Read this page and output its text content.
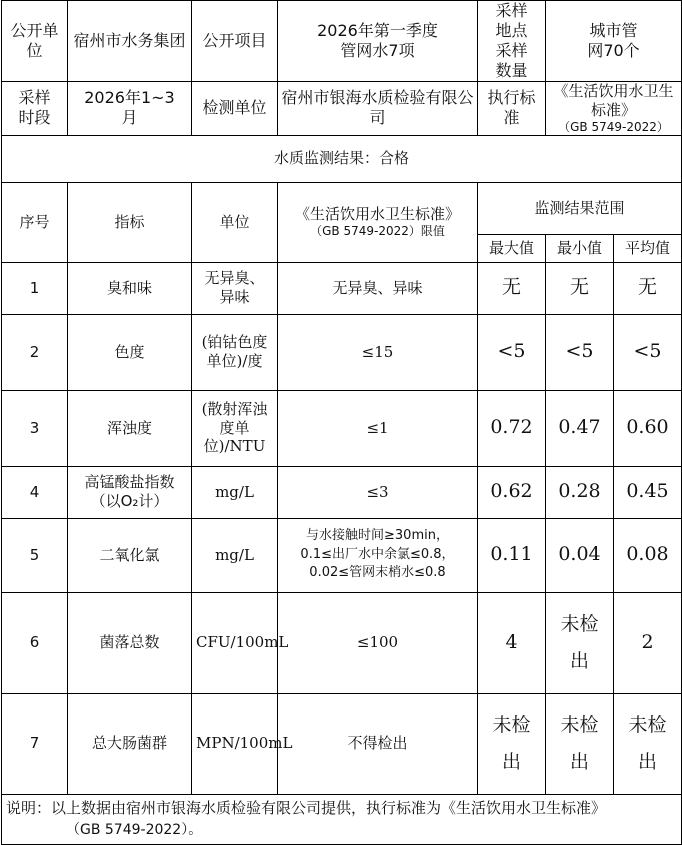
公开单位	宿州市水务集团	公开项目	2026年第一季度管网水7项	采样地点采样数量	城市管网70个	
采样时段	2026年1~3月	检测单位	宿州市银海水质检验有限公司	执行标准	《生活饮用水卫生标准》
（GB 5749-2022）	

水质监测结果：合格						
序号	指标	单位	《生活饮用水卫生标准》
（GB 5749-2022）限值	监测结果范围		
				最大值	最小值	平均值
1	臭和味	无异臭、异味	无异臭、异味	无	无	无
2	色度	(铂钴色度单位)/度	≤15	<5	<5	<5
3	浑浊度	(散射浑浊度单位)/NTU	≤1	0.72	0.47	0.60
4	高锰酸盐指数（以O₂计）	mg/L	≤3	0.62	0.28	0.45
5	二氧化氯	mg/L	与水接触时间≥30min，
0.1≤出厂水中余氯≤0.8，
0.02≤管网末梢水≤0.8	0.11	0.04	0.08
6	菌落总数	CFU/100mL	≤100	4	未检出	2
7	总大肠菌群	MPN/100mL	不得检出	未检出	未检出	未检出
说明：以上数据由宿州市银海水质检验有限公司提供，执行标准为《生活饮用水卫生标准》
（GB 5749-2022）。						
